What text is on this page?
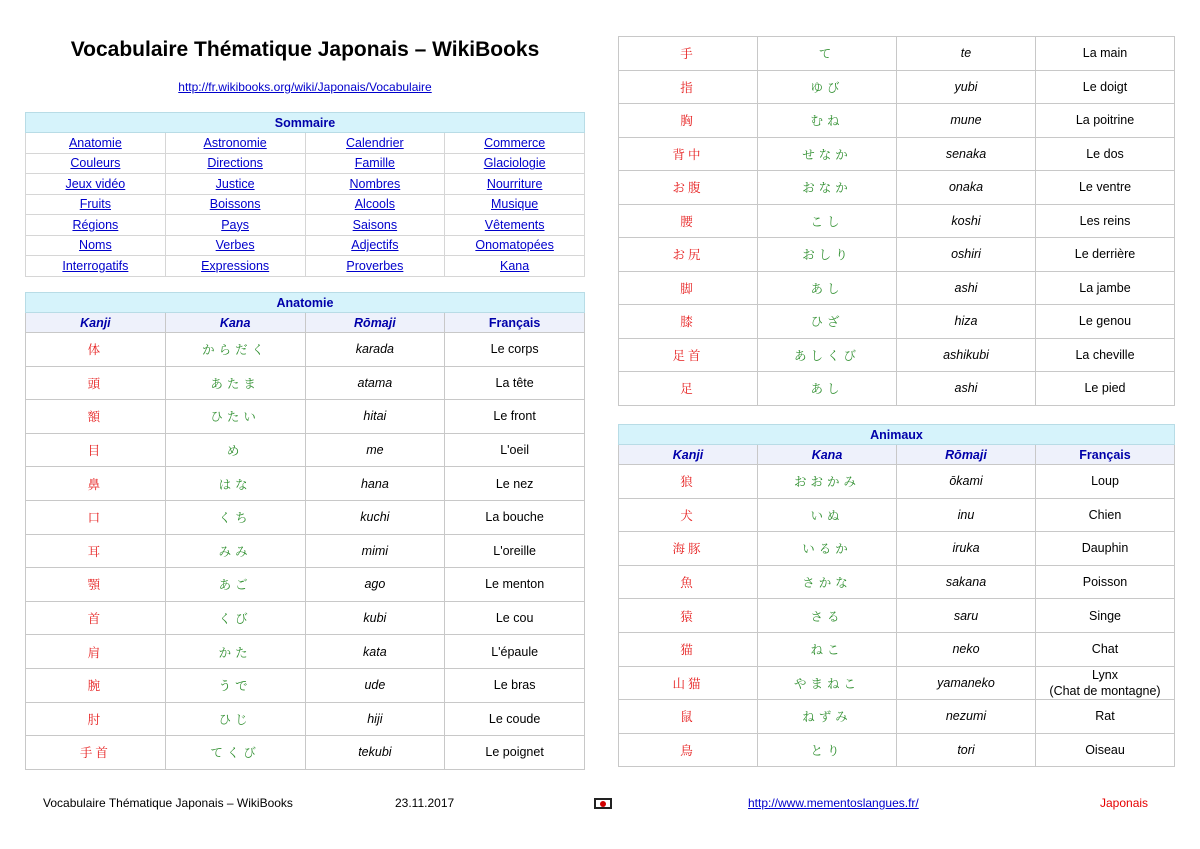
Vocabulaire Thématique Japonais – WikiBooks
http://fr.wikibooks.org/wiki/Japonais/Vocabulaire
Sommaire			
Anatomie	Astronomie	Calendrier	Commerce
Couleurs	Directions	Famille	Glaciologie
Jeux vidéo	Justice	Nombres	Nourriture
Fruits	Boissons	Alcools	Musique
Régions	Pays	Saisons	Vêtements
Noms	Verbes	Adjectifs	Onomatopées
Interrogatifs	Expressions	Proverbes	Kana
Anatomie			
Kanji	Kana	Rōmaji	Français
体	からだく	karada	Le corps
頭	あたま	atama	La tête
額	ひたい	hitai	Le front
目	め	me	L'oeil
鼻	はな	hana	Le nez
口	くち	kuchi	La bouche
耳	みみ	mimi	L'oreille
顎	あご	ago	Le menton
首	くび	kubi	Le cou
肩	かた	kata	L'épaule
腕	うで	ude	Le bras
肘	ひじ	hiji	Le coude
手首	てくび	tekubi	Le poignet
手	て	te	La main
指	ゆび	yubi	Le doigt
胸	むね	mune	La poitrine
背中	せなか	senaka	Le dos
お腹	おなか	onaka	Le ventre
腰	こし	koshi	Les reins
お尻	おしり	oshiri	Le derrière
脚	あし	ashi	La jambe
膝	ひざ	hiza	Le genou
足首	あしくび	ashikubi	La cheville
足	あし	ashi	Le pied
Animaux			
Kanji	Kana	Rōmaji	Français
狼	おおかみ	ōkami	Loup
犬	いぬ	inu	Chien
海豚	いるか	iruka	Dauphin
魚	さかな	sakana	Poisson
猿	さる	saru	Singe
猫	ねこ	neko	Chat
山猫	やまねこ	yamaneko	Lynx
(Chat de montagne)

鼠	ねずみ	nezumi	Rat
鳥	とり	tori	Oiseau
Vocabulaire Thématique Japonais – WikiBooks	23.11.2017	http://www.mementoslangues.fr/	Japonais
